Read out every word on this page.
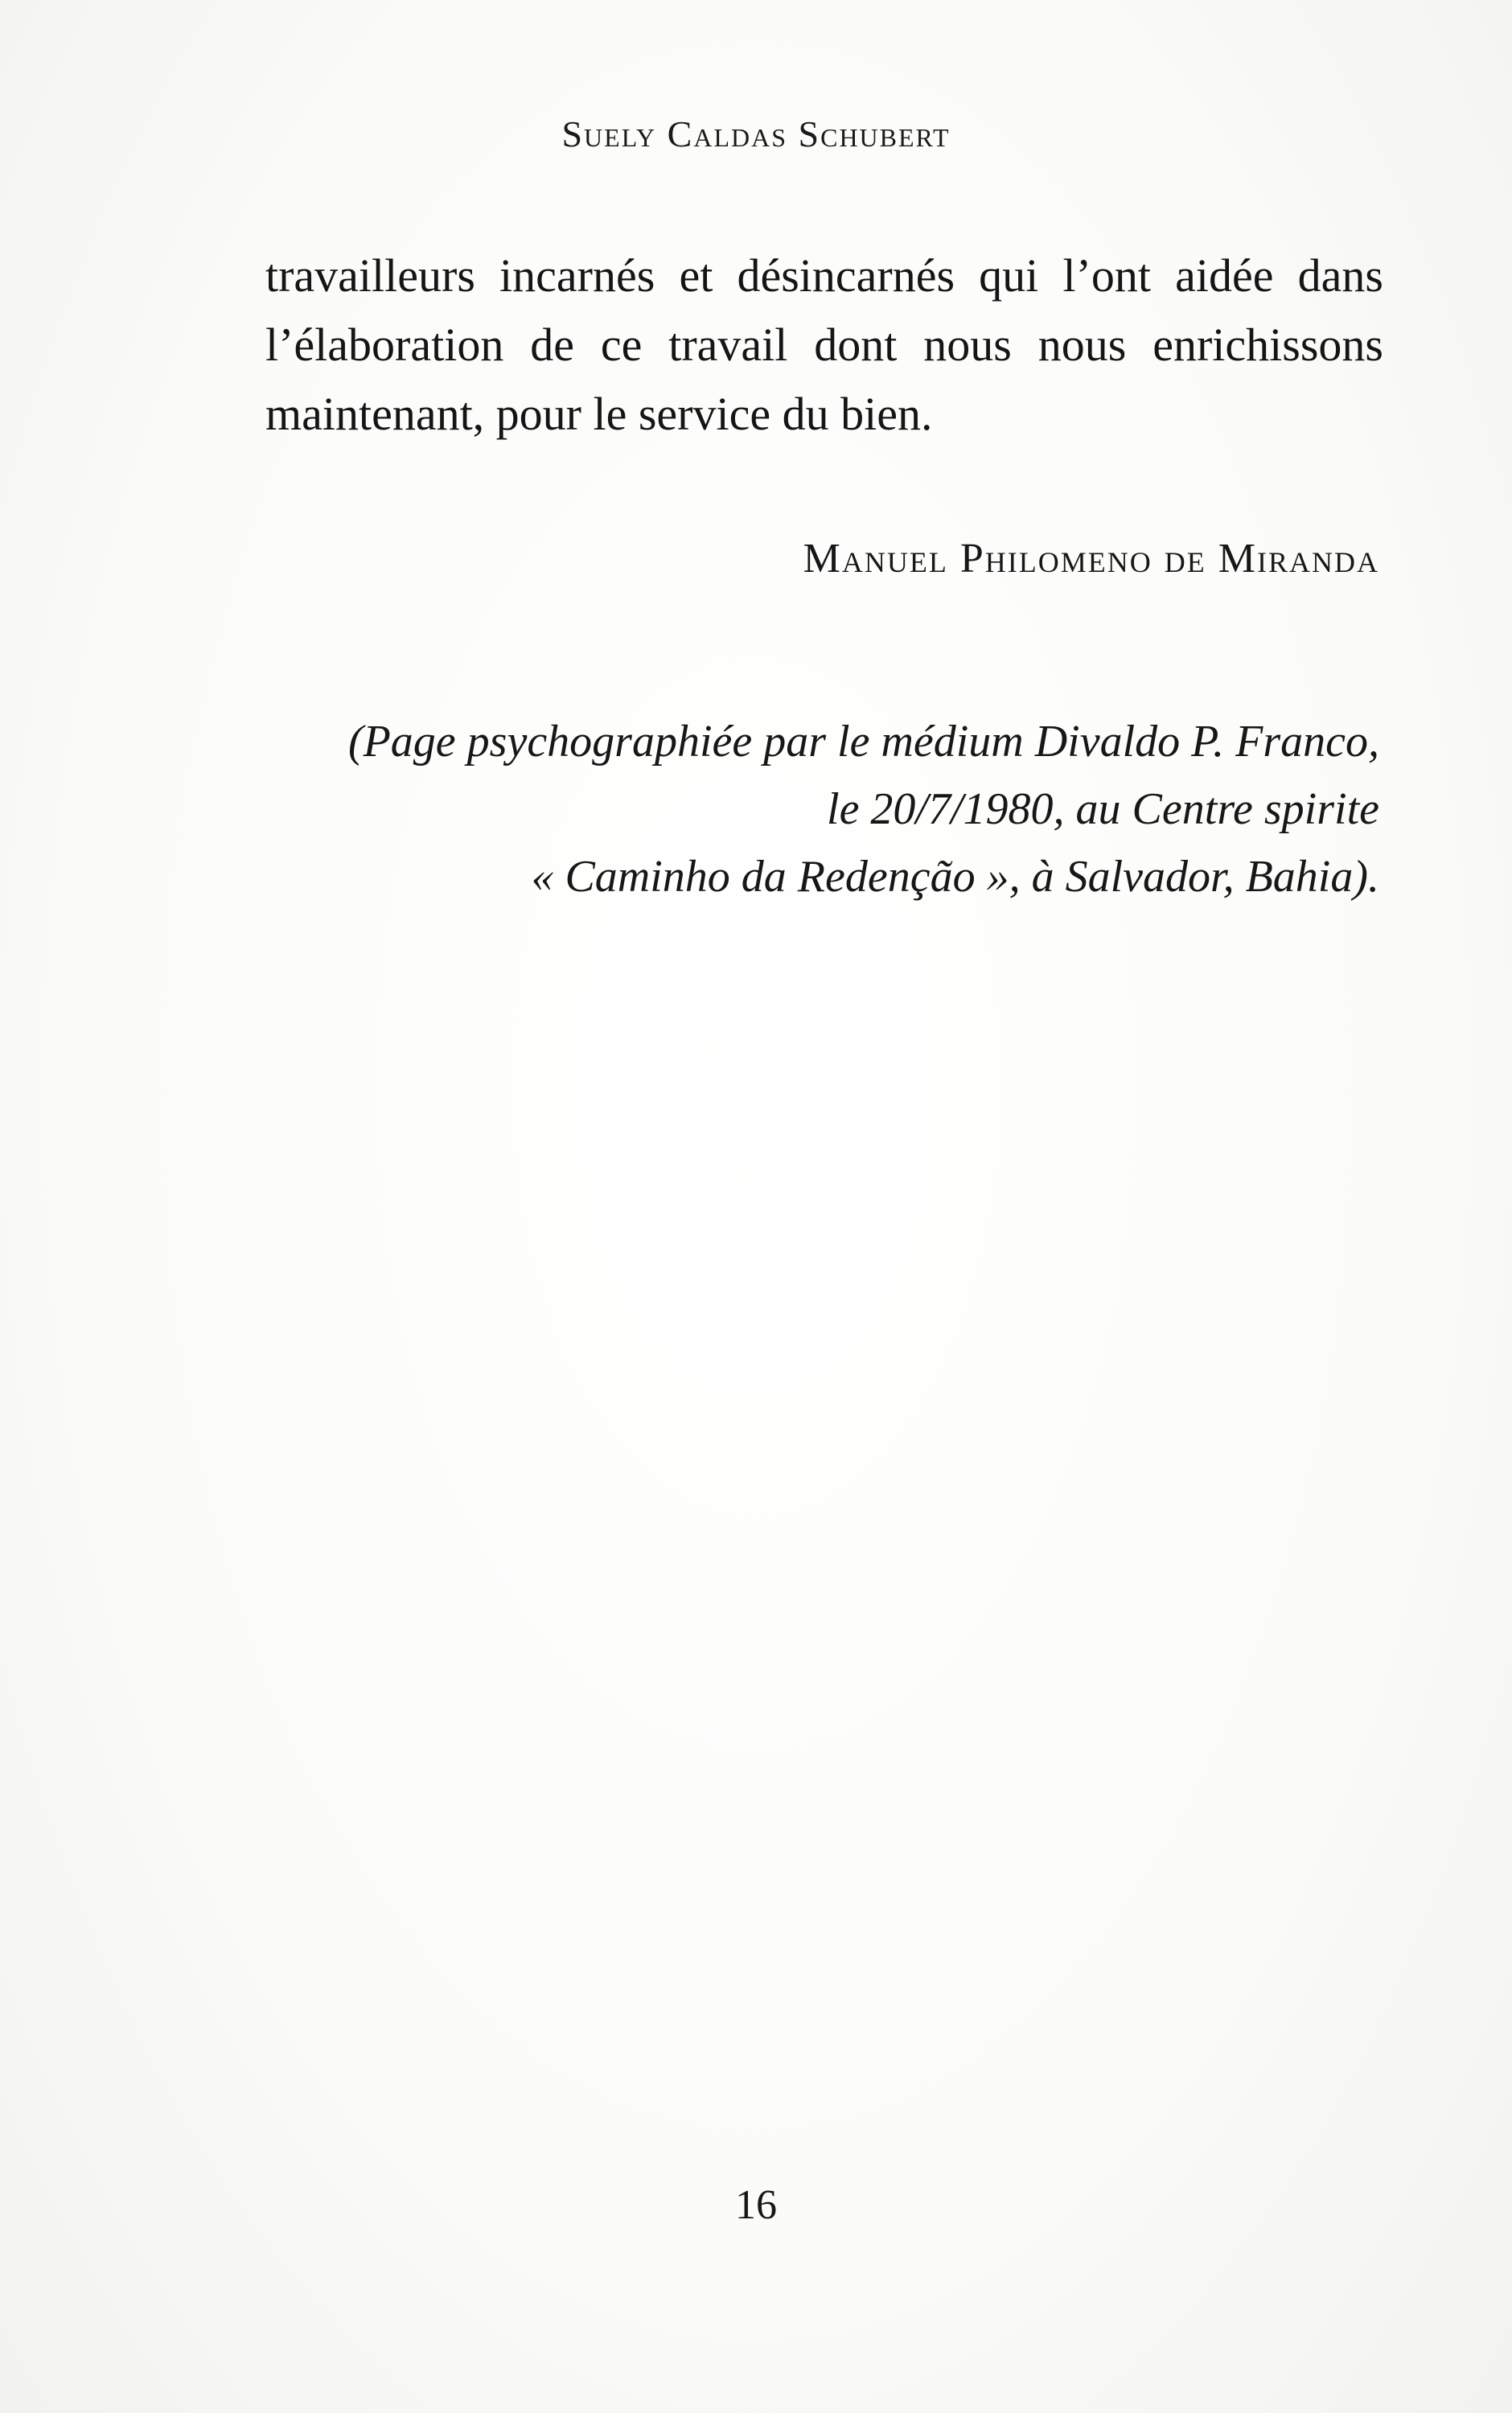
Suely Caldas Schubert

travailleurs incarnés et désincarnés qui l’ont aidée dans l’élaboration de ce travail dont nous nous enrichissons maintenant, pour le service du bien.

Manuel Philomeno de Miranda
(Page psychographiée par le médium Divaldo P. Franco,
le 20/7/1980, au Centre spirite
« Caminho da Redenção », à Salvador, Bahia).
16
